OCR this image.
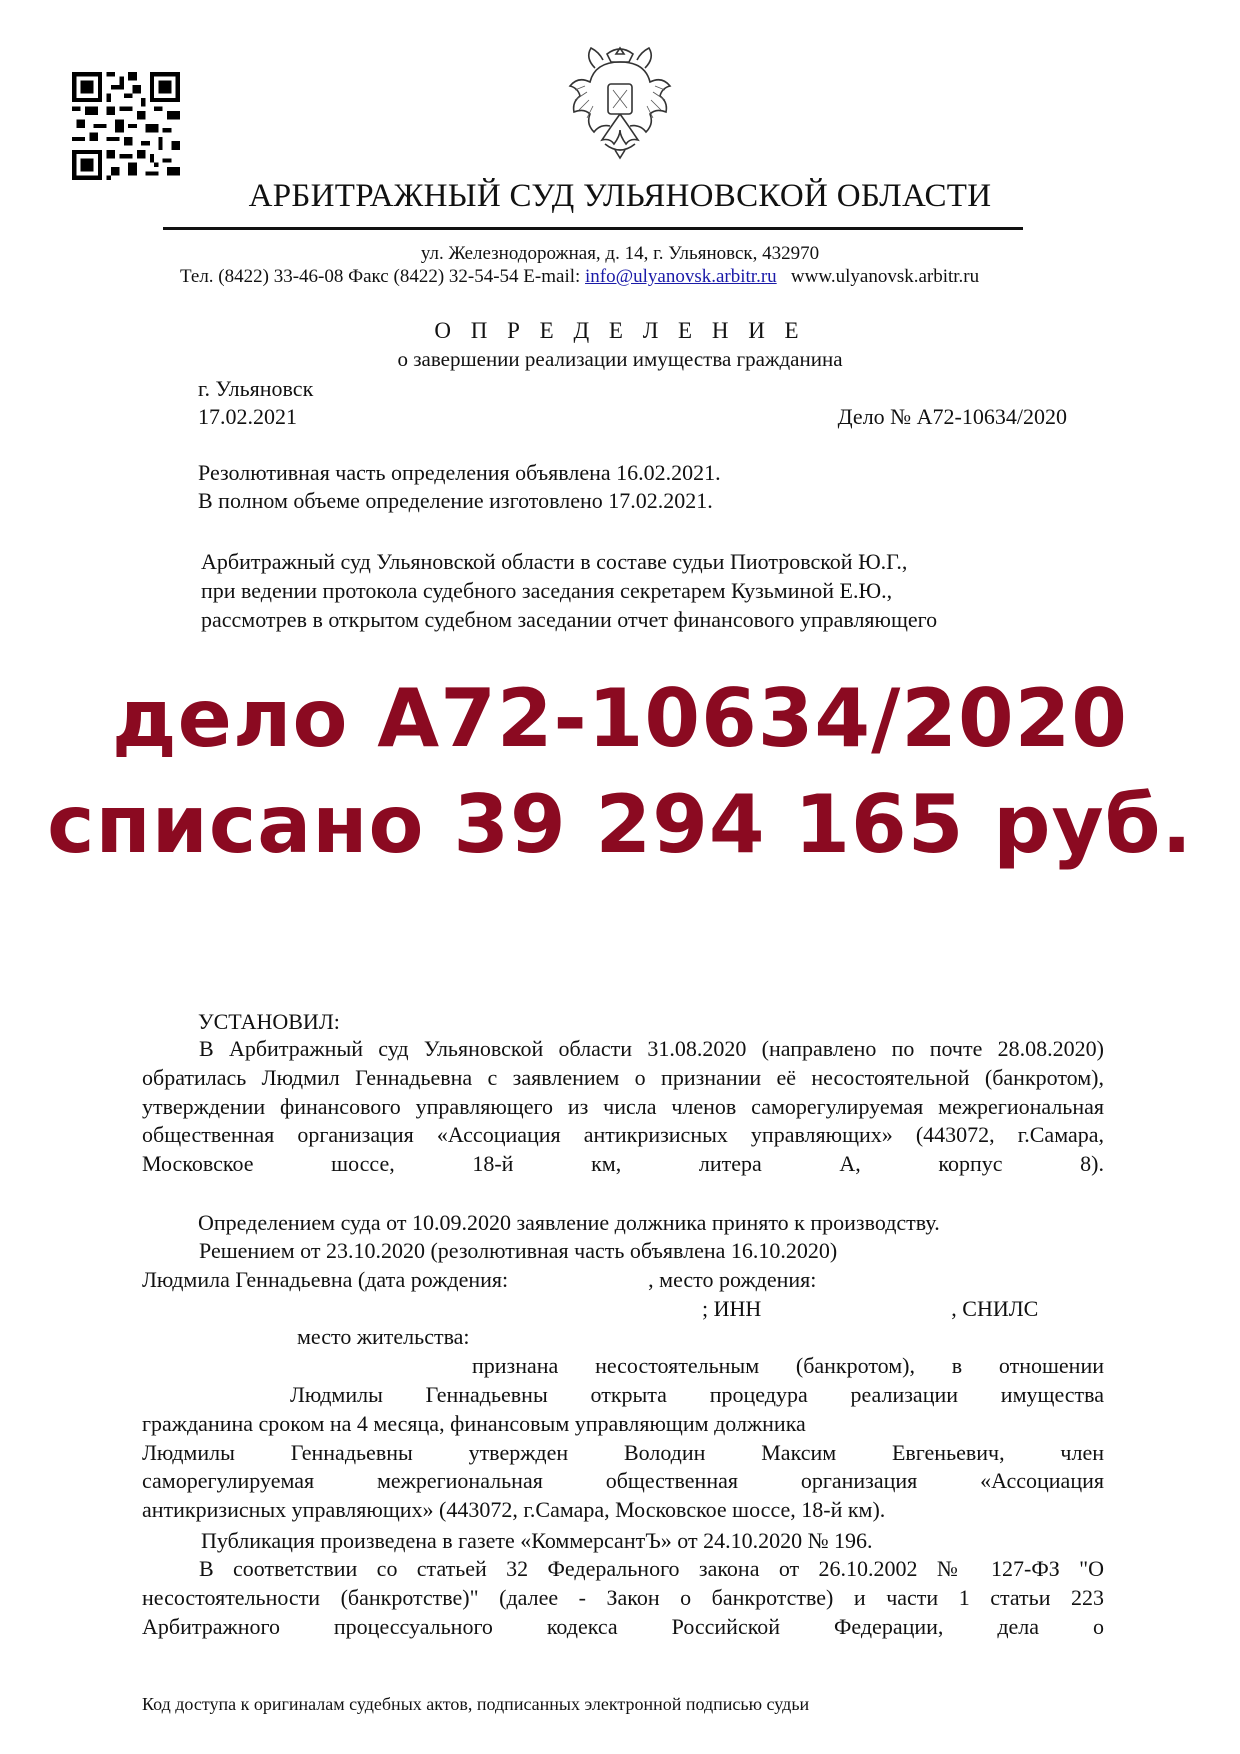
АРБИТРАЖНЫЙ СУД УЛЬЯНОВСКОЙ ОБЛАСТИ
ул. Железнодорожная, д. 14, г. Ульяновск, 432970
Тел. (8422) 33-46-08 Факс (8422) 32-54-54 E-mail: info@ulyanovsk.arbitr.ru www.ulyanovsk.arbitr.ru
О П Р Е Д Е Л Е Н И Е
о завершении реализации имущества гражданина
г. Ульяновск
17.02.2021	Дело № А72-10634/2020
Резолютивная часть определения объявлена 16.02.2021.
В полном объеме определение изготовлено 17.02.2021.
Арбитражный суд Ульяновской области в составе судьи Пиотровской Ю.Г.,
при ведении протокола судебного заседания секретарем Кузьминой Е.Ю.,
рассмотрев в открытом судебном заседании отчет финансового управляющего
дело А72-10634/2020
списано 39 294 165 руб.
УСТАНОВИЛ:
В Арбитражный суд Ульяновской области 31.08.2020 (направлено по почте 28.08.2020) обратилась Людмил Геннадьевна с заявлением о признании её несостоятельной (банкротом), утверждении финансового управляющего из числа членов саморегулируемая межрегиональная общественная организация «Ассоциация антикризисных управляющих» (443072, г.Самара, Московское шоссе, 18-й км, литера А, корпус 8).
Определением суда от 10.09.2020 заявление должника принято к производству.
Решением от 23.10.2020 (резолютивная часть объявлена 16.10.2020)
Людмила Геннадьевна (дата рождения:	, место рождения:
; ИНН	, СНИЛС
место жительства:
признана несостоятельным (банкротом), в отношении
Людмилы Геннадьевны открыта процедура реализации имущества
гражданина сроком на 4 месяца, финансовым управляющим должника
Людмилы Геннадьевны утвержден Володин Максим Евгеньевич, член
саморегулируемая межрегиональная общественная организация «Ассоциация
антикризисных управляющих» (443072, г.Самара, Московское шоссе, 18-й км).
Публикация произведена в газете «КоммерсантЪ» от 24.10.2020 № 196.
В соответствии со статьей 32 Федерального закона от 26.10.2002 № 127-ФЗ "О
несостоятельности (банкротстве)" (далее - Закон о банкротстве) и части 1 статьи 223
Арбитражного процессуального кодекса Российской Федерации, дела о
Код доступа к оригиналам судебных актов, подписанных электронной подписью судьи
